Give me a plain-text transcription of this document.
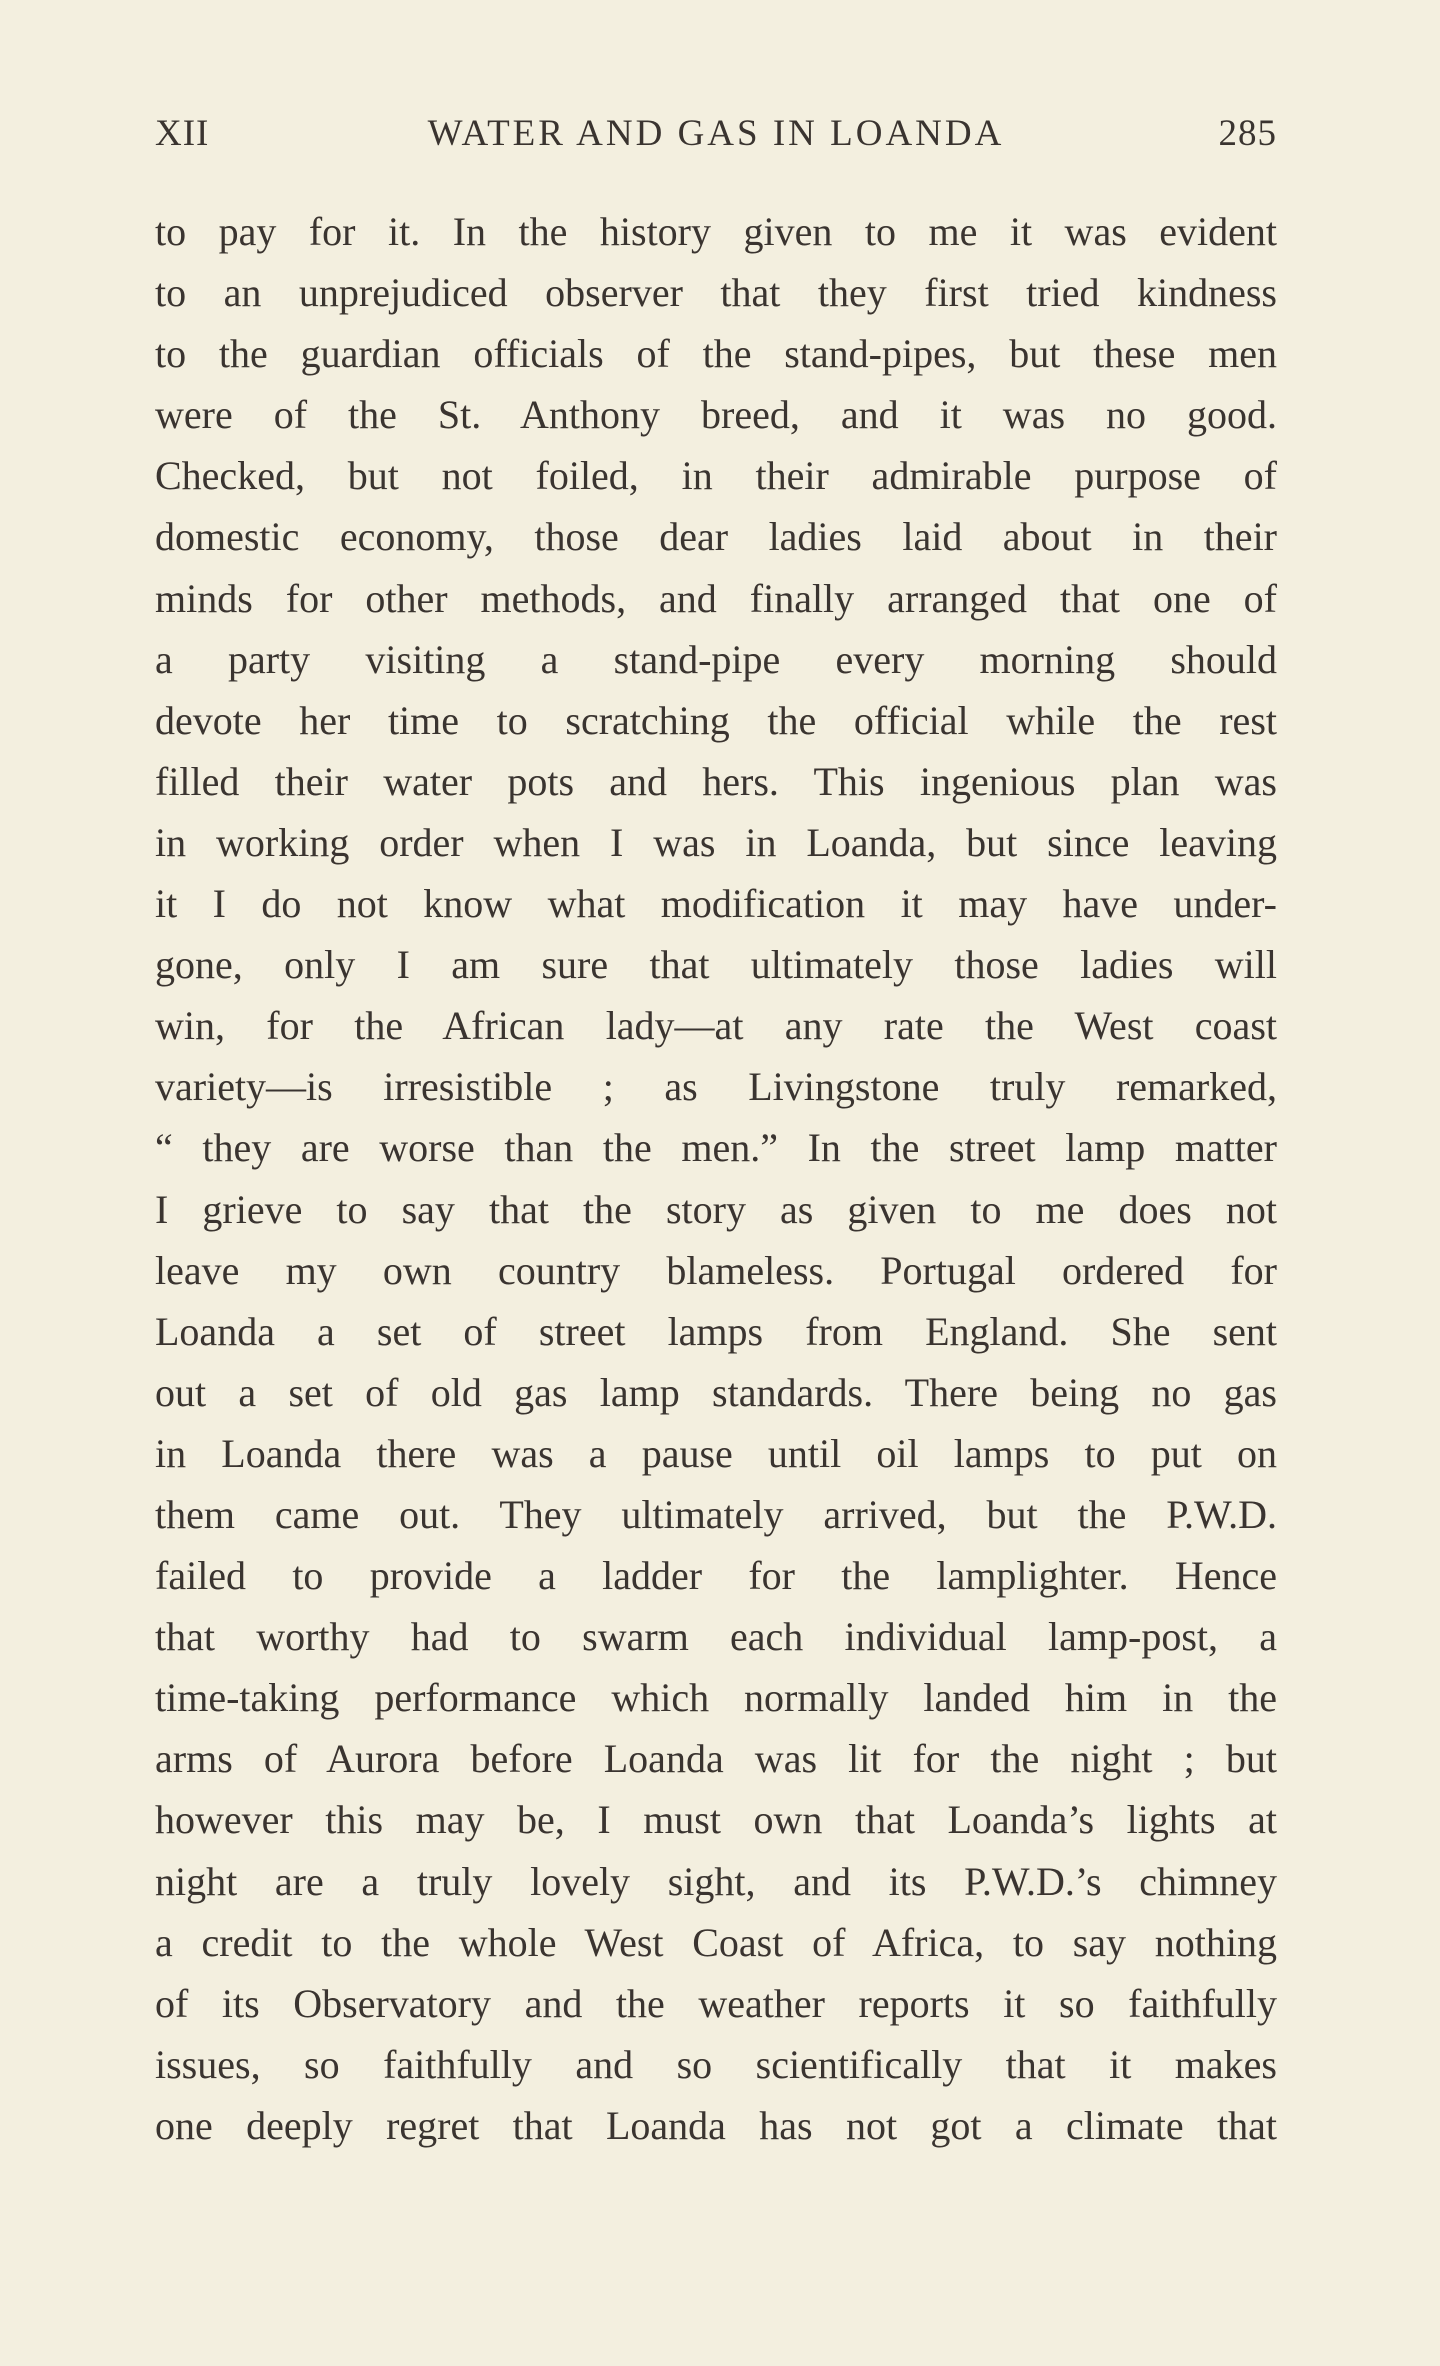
XII	WATER AND GAS IN LOANDA	285
to pay for it. In the history given to me it was evident
to an unprejudiced observer that they first tried kindness
to the guardian officials of the stand-pipes, but these men
were of the St. Anthony breed, and it was no good.
Checked, but not foiled, in their admirable purpose of
domestic economy, those dear ladies laid about in their
minds for other methods, and finally arranged that one of
a party visiting a stand-pipe every morning should
devote her time to scratching the official while the rest
filled their water pots and hers. This ingenious plan was
in working order when I was in Loanda, but since leaving
it I do not know what modification it may have under-
gone, only I am sure that ultimately those ladies will
win, for the African lady—at any rate the West coast
variety—is irresistible ; as Livingstone truly remarked,
“ they are worse than the men.” In the street lamp matter
I grieve to say that the story as given to me does not
leave my own country blameless. Portugal ordered for
Loanda a set of street lamps from England. She sent
out a set of old gas lamp standards. There being no gas
in Loanda there was a pause until oil lamps to put on
them came out. They ultimately arrived, but the P.W.D.
failed to provide a ladder for the lamplighter. Hence
that worthy had to swarm each individual lamp-post, a
time-taking performance which normally landed him in the
arms of Aurora before Loanda was lit for the night ; but
however this may be, I must own that Loanda’s lights at
night are a truly lovely sight, and its P.W.D.’s chimney
a credit to the whole West Coast of Africa, to say nothing
of its Observatory and the weather reports it so faithfully
issues, so faithfully and so scientifically that it makes
one deeply regret that Loanda has not got a climate that
